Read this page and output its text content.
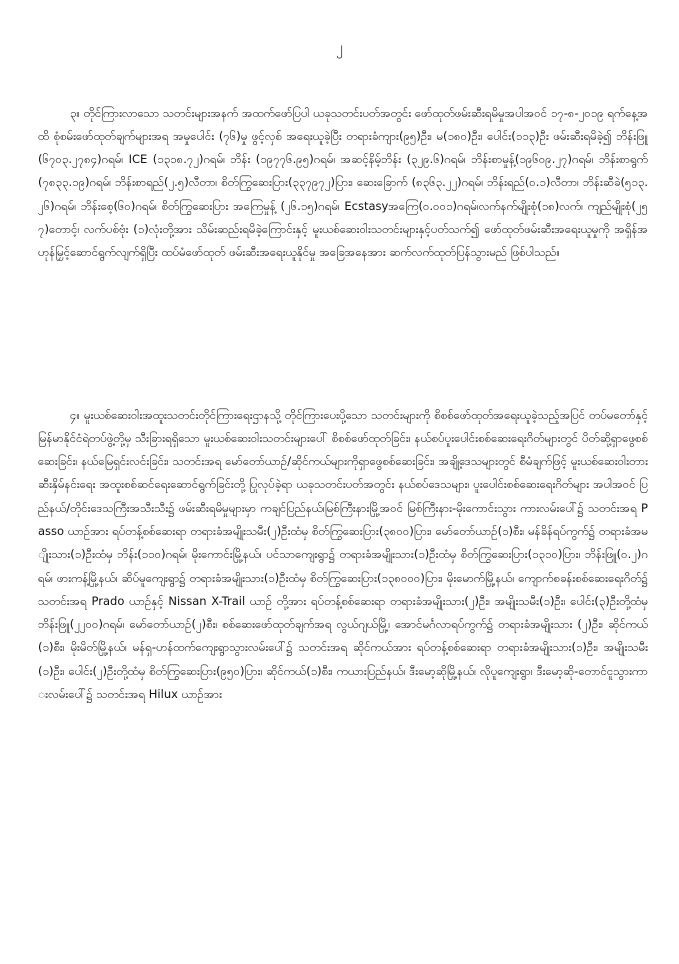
၂

၃။ တိုင်ကြားလာသော သတင်းများအနက် အထက်ဖော်ပြပါ ယခုသတင်းပတ်အတွင်း ဖော်ထုတ်ဖမ်းဆီးရမိမှုအပါအဝင် ၁၇-၈-၂၀၁၉ ရက်နေ့အထိ စုံစမ်းဖော်ထုတ်ချက်များအရ အမှုပေါင်း (၇၆)မှု ဖွင့်လှစ် အရေးယူခဲ့ပြီး တရားခံကျား(၉၅)ဦး၊ မ(၁၈၀)ဦး၊ ပေါင်း(၁၁၃)ဦး ဖမ်းဆီးရမိခဲ့၍ ဘိန်းဖြူ(၆၇၀၃.၂၇၈၄)ဂရမ်၊ ICE (၁၃၁၈.၇၂)ဂရမ်၊ ဘိန်း (၁၉၇၇၆.၉၅)ဂရမ်၊ အဆင့်နိမ့်ဘိန်း (၃၂၉.၆)ဂရမ်၊ ဘိန်းစာမှုန့်(၁၉၆၀၉.၂၇)ဂရမ်၊ ဘိန်းစာရွက် (၇၈၃၃.၁၉)ဂရမ်၊ ဘိန်းစာရည်(၂.၅)လီတာ၊ စိတ်ကြွဆေးပြား(၃၃၇၉၇၂)ပြား၊ ဆေးခြောက် (၈၃၆၃.၂၂)ဂရမ်၊ ဘိန်းရည်(၀.၁)လီတာ၊ ဘိန်းဆီခဲ(၅၁၃.၂၆)ဂရမ်၊ ဘိန်းစေ့(၆၀)ဂရမ်၊ စိတ်ကြွဆေးပြား အကြေမှုန့် (၂၆.၁၅)ဂရမ်၊ Ecstasyအကြေ(၀.၀၀၁)ဂရမ်၊လက်နက်မျိုးစုံ(၁၈)လက်၊ ကျည်မျိုးစုံ(၂၅၇)တောင့်၊ လက်ပစ်ဗုံး (၁)လုံးတို့အား သိမ်းဆည်းရမိခဲ့ကြောင်းနှင့် မူးယစ်ဆေးဝါးသတင်းများနှင့်ပတ်သက်၍ ဖော်ထုတ်ဖမ်းဆီးအရေးယူမှုကို အရှိန်အဟုန်မြှင့်ဆောင်ရွက်လျက်ရှိပြီး ထပ်မံဖော်ထုတ် ဖမ်းဆီးအရေးယူနိုင်မှု အခြေအနေအား ဆက်လက်ထုတ်ပြန်သွားမည် ဖြစ်ပါသည်။

၄။ မူးယစ်ဆေးဝါးအထူးသတင်းတိုင်ကြားရေးဌာနသို့ တိုင်ကြားပေးပို့သော သတင်းများကို စိစစ်ဖော်ထုတ်အရေးယူခဲ့သည့်အပြင် တပ်မတော်နှင့် မြန်မာနိုင်ငံရဲတပ်ဖွဲ့တို့မှ သီးခြားရရှိသော မူးယစ်ဆေးဝါးသတင်းများပေါ် စိစစ်ဖော်ထုတ်ခြင်း၊ နယ်စပ်ပူးပေါင်းစစ်ဆေးရေးဂိတ်များတွင် ပိတ်ဆို့ရှာဖွေစစ်ဆေးခြင်း၊ နယ်မြေရှင်းလင်းခြင်း၊ သတင်းအရ မော်တော်ယာဉ်/ဆိုင်ကယ်များကိုရှာဖွေစစ်ဆေးခြင်း၊ အချို့ဒေသများတွင် စီမံချက်ဖြင့် မူးယစ်ဆေးဝါးတားဆီးနှိမ်နင်းရေး အထူးစစ်ဆင်ရေးဆောင်ရွက်ခြင်းတို့ ပြုလုပ်ခဲ့ရာ ယခုသတင်းပတ်အတွင်း နယ်စပ်ဒေသများ၊ ပူးပေါင်းစစ်ဆေးရေးဂိတ်များ အပါအဝင် ပြည်နယ်/တိုင်းဒေသကြီးအသီးသီး၌ ဖမ်းဆီးရမိမှုများမှာ ကချင်ပြည်နယ်၊မြစ်ကြီးနားမြို့အဝင် မြစ်ကြီးနား-မိုးကောင်းသွား ကားလမ်းပေါ်၌ သတင်းအရ Passo ယာဉ်အား ရပ်တန့်စစ်ဆေးရာ တရားခံအမျိုးသမီး(၂)ဦးထံမှ စိတ်ကြွဆေးပြား(၃၈၀၀)ပြား၊ မော်တော်ယာဉ်(၁)စီး၊ မန်ခိန်ရပ်ကွက်၌ တရားခံအမျိုးသား(၁)ဦးထံမှ ဘိန်း(၁၁၀)ဂရမ်၊ မိုးကောင်းမြို့နယ်၊ ပင်သာကျေးရွာ၌ တရားခံအမျိုးသား(၁)ဦးထံမှ စိတ်ကြွဆေးပြား(၁၃၁၀)ပြား၊ ဘိန်းဖြူ(၀.၂)ဂရမ်၊ ဖားကန့်မြို့နယ်၊ ဆိပ်မူကျေးရွာ၌ တရားခံအမျိုးသား(၁)ဦးထံမှ စိတ်ကြွဆေးပြား(၁၃၈၀၀၀)ပြား၊ မိုးမောက်မြို့နယ်၊ ကျောက်စခန်းစစ်ဆေးရေးဂိတ်၌ သတင်းအရ Prado ယာဉ်နှင့် Nissan X-Trail ယာဉ် တို့အား ရပ်တန့်စစ်ဆေးရာ တရားခံအမျိုးသား(၂)ဦး၊ အမျိုးသမီး(၁)ဦး၊ ပေါင်း(၃)ဦးတို့ထံမှ ဘိန်းဖြူ(၂၂၀၀)ဂရမ်၊ မော်တော်ယာဉ်(၂)စီး၊ စစ်ဆေးဖော်ထုတ်ချက်အရ လွယ်ဂျယ်မြို့၊ အောင်မင်္ဂလာရပ်ကွက်၌ တရားခံအမျိုးသား (၂)ဦး၊ ဆိုင်ကယ်(၁)စီး၊ မိုးမိတ်မြို့နယ်၊ မန်ရှ-ဟန်ထက်ကျေးရွာသွားလမ်းပေါ်၌ သတင်းအရ ဆိုင်ကယ်အား ရပ်တန့်စစ်ဆေးရာ တရားခံအမျိုးသား(၁)ဦး၊ အမျိုးသမီး(၁)ဦး၊ ပေါင်း(၂)ဦးတို့ထံမှ စိတ်ကြွဆေးပြား(၉၅၀)ပြား၊ ဆိုင်ကယ်(၁)စီး၊ ကယားပြည်နယ်၊ ဒီးမော့ဆိုမြို့နယ်၊ လိုပူကျေးရွာ၊ ဒီးမော့ဆို-တောင်ငူသွားကားလမ်းပေါ်၌ သတင်းအရ Hilux ယာဉ်အား
